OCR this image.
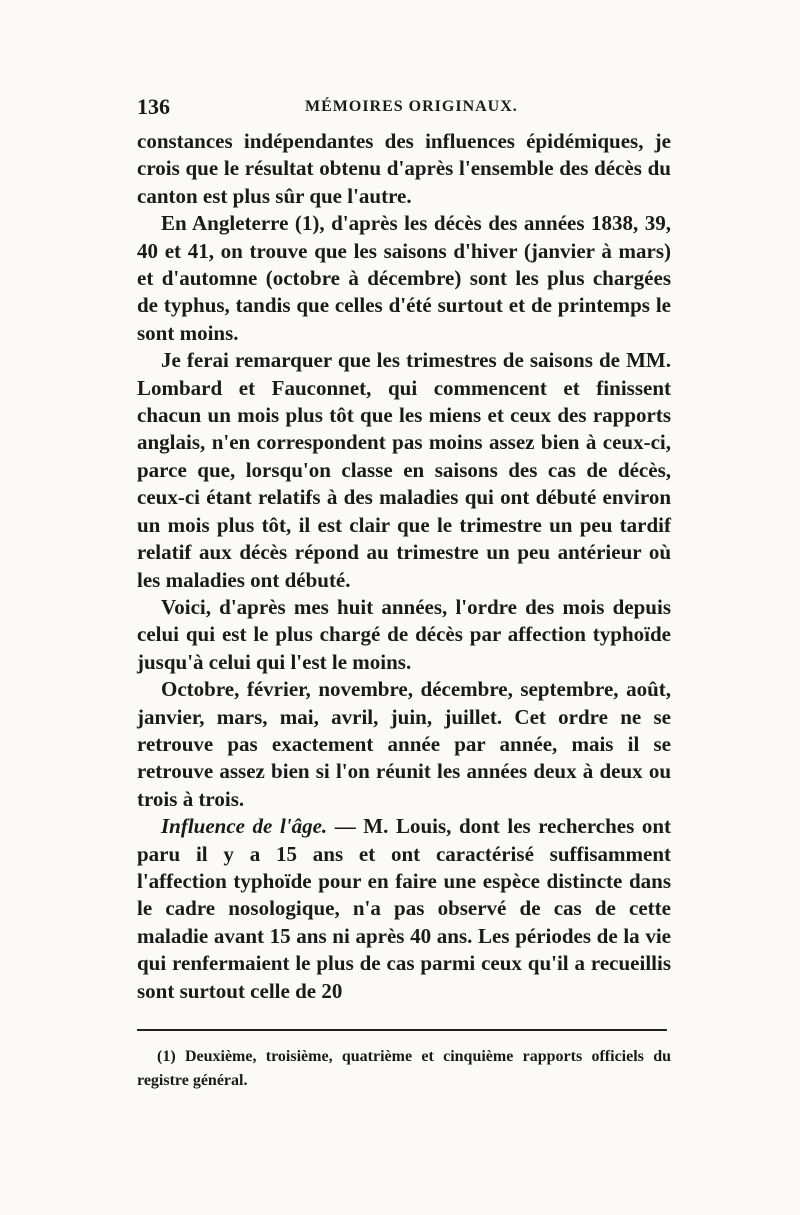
136	MÉMOIRES ORIGINAUX.

constances indépendantes des influences épidémiques, je crois que le résultat obtenu d'après l'ensemble des décès du canton est plus sûr que l'autre.

En Angleterre (1), d'après les décès des années 1838, 39, 40 et 41, on trouve que les saisons d'hiver (janvier à mars) et d'automne (octobre à décembre) sont les plus chargées de typhus, tandis que celles d'été surtout et de printemps le sont moins.

Je ferai remarquer que les trimestres de saisons de MM. Lombard et Fauconnet, qui commencent et finissent chacun un mois plus tôt que les miens et ceux des rapports anglais, n'en correspondent pas moins assez bien à ceux-ci, parce que, lorsqu'on classe en saisons des cas de décès, ceux-ci étant relatifs à des maladies qui ont débuté environ un mois plus tôt, il est clair que le trimestre un peu tardif relatif aux décès répond au trimestre un peu antérieur où les maladies ont débuté.

Voici, d'après mes huit années, l'ordre des mois depuis celui qui est le plus chargé de décès par affection typhoïde jusqu'à celui qui l'est le moins.

Octobre, février, novembre, décembre, septembre, août, janvier, mars, mai, avril, juin, juillet. Cet ordre ne se retrouve pas exactement année par année, mais il se retrouve assez bien si l'on réunit les années deux à deux ou trois à trois.

Influence de l'âge. — M. Louis, dont les recherches ont paru il y a 15 ans et ont caractérisé suffisamment l'affection typhoïde pour en faire une espèce distincte dans le cadre nosologique, n'a pas observé de cas de cette maladie avant 15 ans ni après 40 ans. Les périodes de la vie qui renfermaient le plus de cas parmi ceux qu'il a recueillis sont surtout celle de 20

(1) Deuxième, troisième, quatrième et cinquième rapports officiels du registre général.
